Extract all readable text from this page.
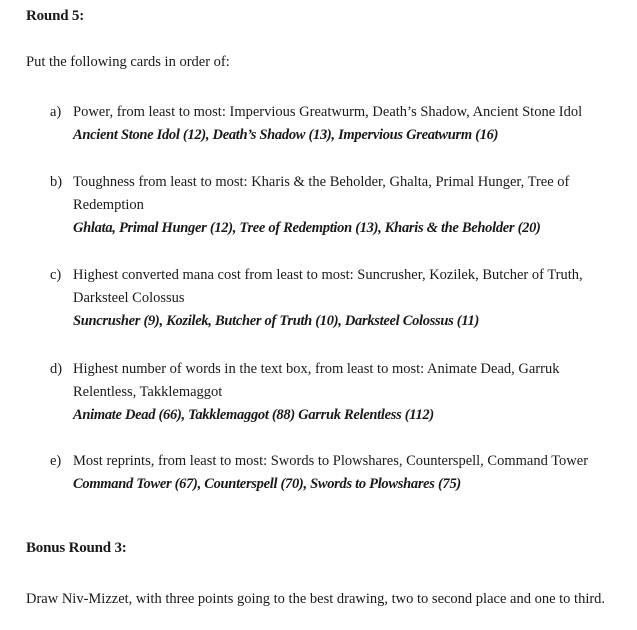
Round 5:
Put the following cards in order of:
a) Power, from least to most: Impervious Greatwurm, Death’s Shadow, Ancient Stone Idol
Ancient Stone Idol (12), Death’s Shadow (13), Impervious Greatwurm (16)
b) Toughness from least to most: Kharis & the Beholder, Ghalta, Primal Hunger, Tree of Redemption
Ghlata, Primal Hunger (12), Tree of Redemption (13), Kharis & the Beholder (20)
c) Highest converted mana cost from least to most: Suncrusher, Kozilek, Butcher of Truth, Darksteel Colossus
Suncrusher (9), Kozilek, Butcher of Truth (10), Darksteel Colossus (11)
d) Highest number of words in the text box, from least to most: Animate Dead, Garruk Relentless, Takklemaggot
Animate Dead (66), Takklemaggot (88) Garruk Relentless (112)
e) Most reprints, from least to most: Swords to Plowshares, Counterspell, Command Tower
Command Tower (67), Counterspell (70), Swords to Plowshares (75)
Bonus Round 3:
Draw Niv-Mizzet, with three points going to the best drawing, two to second place and one to third.
